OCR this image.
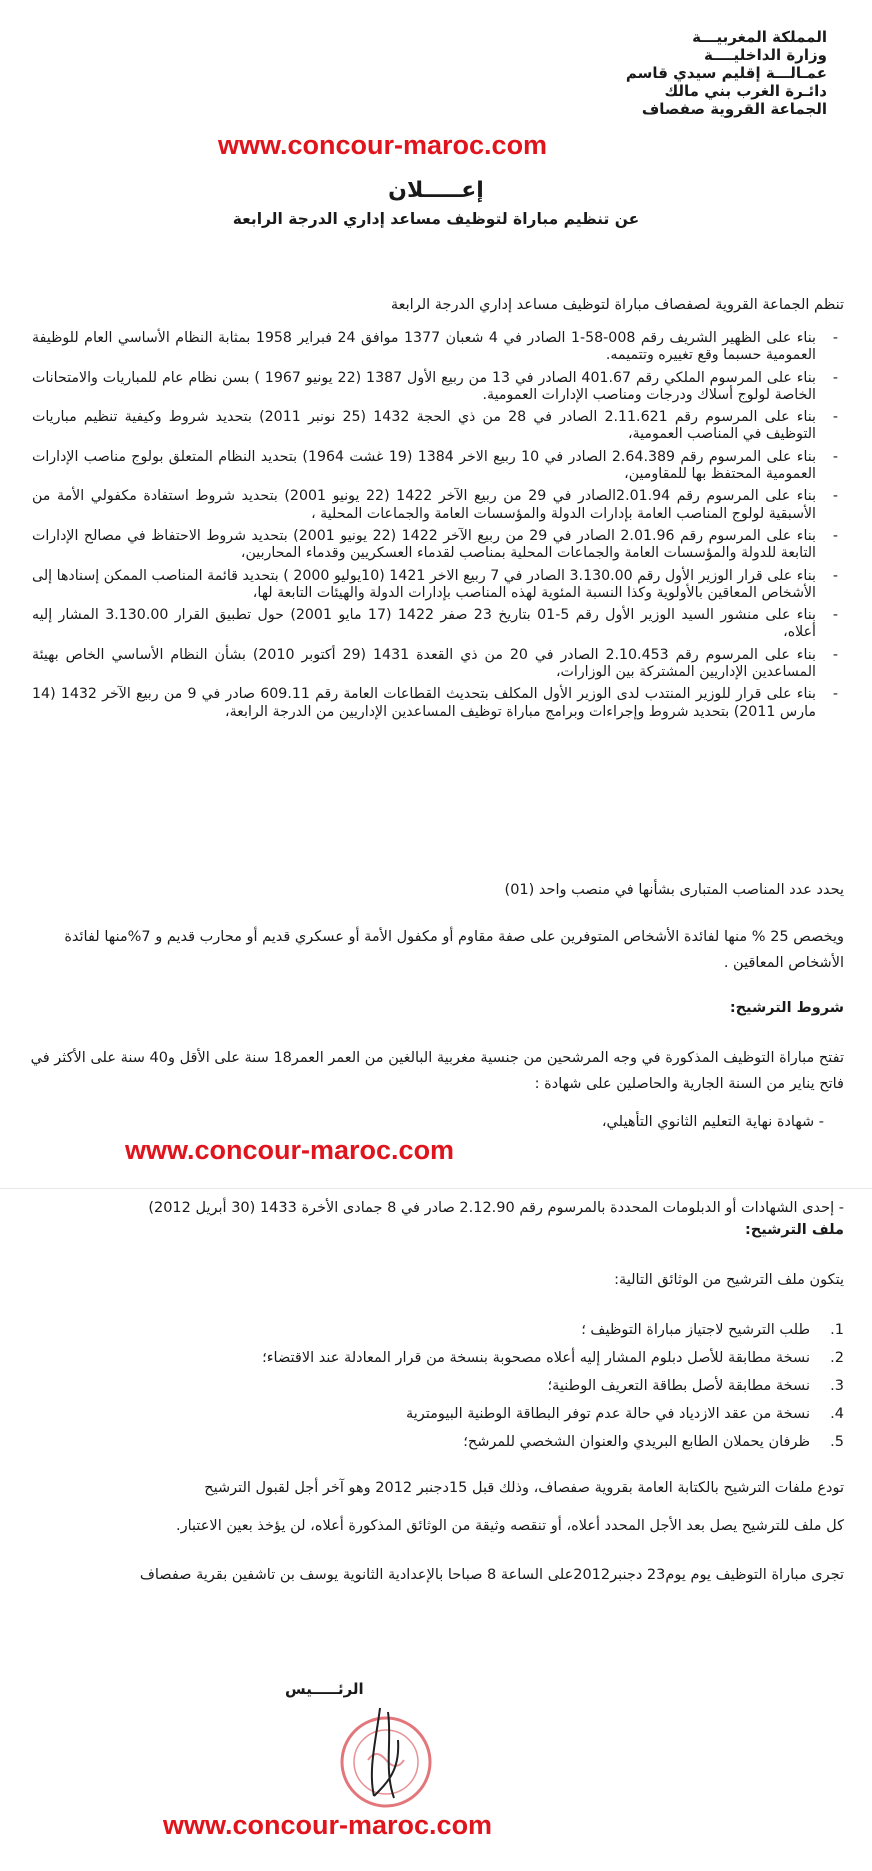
المملكة المغربيـــة
وزارة الداخليــــة
عمـالـــة إقليم سيدي قاسم
دائـرة الغرب بني مالك
الجماعة القروية صفصاف
www.concour-maroc.com
إعـــــلان
عن تنظيم مباراة لتوظيف مساعد إداري الدرجة الرابعة
تنظم الجماعة القروية لصفصاف مباراة لتوظيف مساعد إداري الدرجة الرابعة
- بناء على الظهير الشريف رقم 008-58-1 الصادر في 4 شعبان 1377 موافق 24 فبراير 1958 بمثابة النظام الأساسي العام للوظيفة العمومية حسبما وقع تغييره وتتميمه.
- بناء على المرسوم الملكي رقم 401.67 الصادر في 13 من ربيع الأول 1387 (22 يونيو 1967 ) بسن نظام عام للمباريات والامتحانات الخاصة لولوج أسلاك ودرجات ومناصب الإدارات العمومية.
- بناء على المرسوم رقم 2.11.621 الصادر في 28 من ذي الحجة 1432 (25 نونبر 2011) بتحديد شروط وكيفية تنظيم مباريات التوظيف في المناصب العمومية،
- بناء على المرسوم رقم 2.64.389 الصادر في 10 ربيع الاخر 1384 (19 غشت 1964) بتحديد النظام المتعلق بولوج مناصب الإدارات العمومية المحتفظ بها للمقاومين،
- بناء على المرسوم رقم 2.01.94الصادر في 29 من ربيع الآخر 1422 (22 يونيو 2001) بتحديد شروط استفادة مكفولي الأمة من الأسبقية لولوج المناصب العامة بإدارات الدولة والمؤسسات العامة والجماعات المحلية ،
- بناء على المرسوم رقم 2.01.96 الصادر في 29 من ربيع الآخر 1422 (22 يونيو 2001) بتحديد شروط الاحتفاظ في مصالح الإدارات التابعة للدولة والمؤسسات العامة والجماعات المحلية بمناصب لقدماء العسكريين وقدماء المحاربين،
- بناء على قرار الوزير الأول رقم 3.130.00 الصادر في 7 ربيع الاخر 1421 (10يوليو 2000 ) بتحديد قائمة المناصب الممكن إسنادها إلى الأشخاص المعاقين بالأولوية وكذا النسبة المئوية لهذه المناصب بإدارات الدولة والهيئات التابعة لها،
- بناء على منشور السيد الوزير الأول رقم 5-01 بتاريخ 23 صفر 1422 (17 مايو 2001) حول تطبيق القرار 3.130.00 المشار إليه أعلاه،
- بناء على المرسوم رقم 2.10.453 الصادر في 20 من ذي القعدة 1431 (29 أكتوبر 2010) بشأن النظام الأساسي الخاص بهيئة المساعدين الإداريين المشتركة بين الوزارات،
- بناء على قرار للوزير المنتدب لدى الوزير الأول المكلف بتحديث القطاعات العامة رقم 609.11 صادر في 9 من ربيع الآخر 1432 (14 مارس 2011) بتحديد شروط وإجراءات وبرامج مباراة توظيف المساعدين الإداريين من الدرجة الرابعة،
يحدد عدد المناصب المتبارى بشأنها في منصب واحد (01)
ويخصص 25 % منها لفائدة الأشخاص المتوفرين على صفة مقاوم أو مكفول الأمة أو عسكري قديم أو محارب قديم و 7%منها لفائدة الأشخاص المعاقين .
شروط الترشيح:
تفتح مباراة التوظيف المذكورة في وجه المرشحين من جنسية مغربية البالغين من العمر العمر18 سنة على الأقل و40 سنة على الأكثر في فاتح يناير من السنة الجارية والحاصلين على شهادة :
- شهادة نهاية التعليم الثانوي التأهيلي،
www.concour-maroc.com
- إحدى الشهادات أو الدبلومات المحددة بالمرسوم رقم 2.12.90 صادر في 8 جمادى الأخرة 1433 (30 أبريل 2012)
ملف الترشيح:
يتكون ملف الترشيح من الوثائق التالية:
1.طلب الترشيح لاجتياز مباراة التوظيف ؛
2.نسخة مطابقة للأصل دبلوم المشار إليه أعلاه مصحوبة بنسخة من قرار المعادلة عند الاقتضاء؛
3.نسخة مطابقة لأصل بطاقة التعريف الوطنية؛
4.نسخة من عقد الازدياد في حالة عدم توفر البطاقة الوطنية البيومترية
5.ظرفان يحملان الطابع البريدي والعنوان الشخصي للمرشح؛
تودع ملفات الترشيح بالكتابة العامة بقروية صفصاف، وذلك قبل 15دجنبر 2012 وهو آخر أجل لقبول الترشيح
كل ملف للترشيح يصل بعد الأجل المحدد أعلاه، أو تنقصه وثيقة من الوثائق المذكورة أعلاه، لن يؤخذ بعين الاعتبار.
تجرى مباراة التوظيف يوم يوم23 دجنبر2012على الساعة 8 صباحا بالإعدادية الثانوية يوسف بن تاشفين بقرية صفصاف
الرئـــــيس
www.concour-maroc.com
